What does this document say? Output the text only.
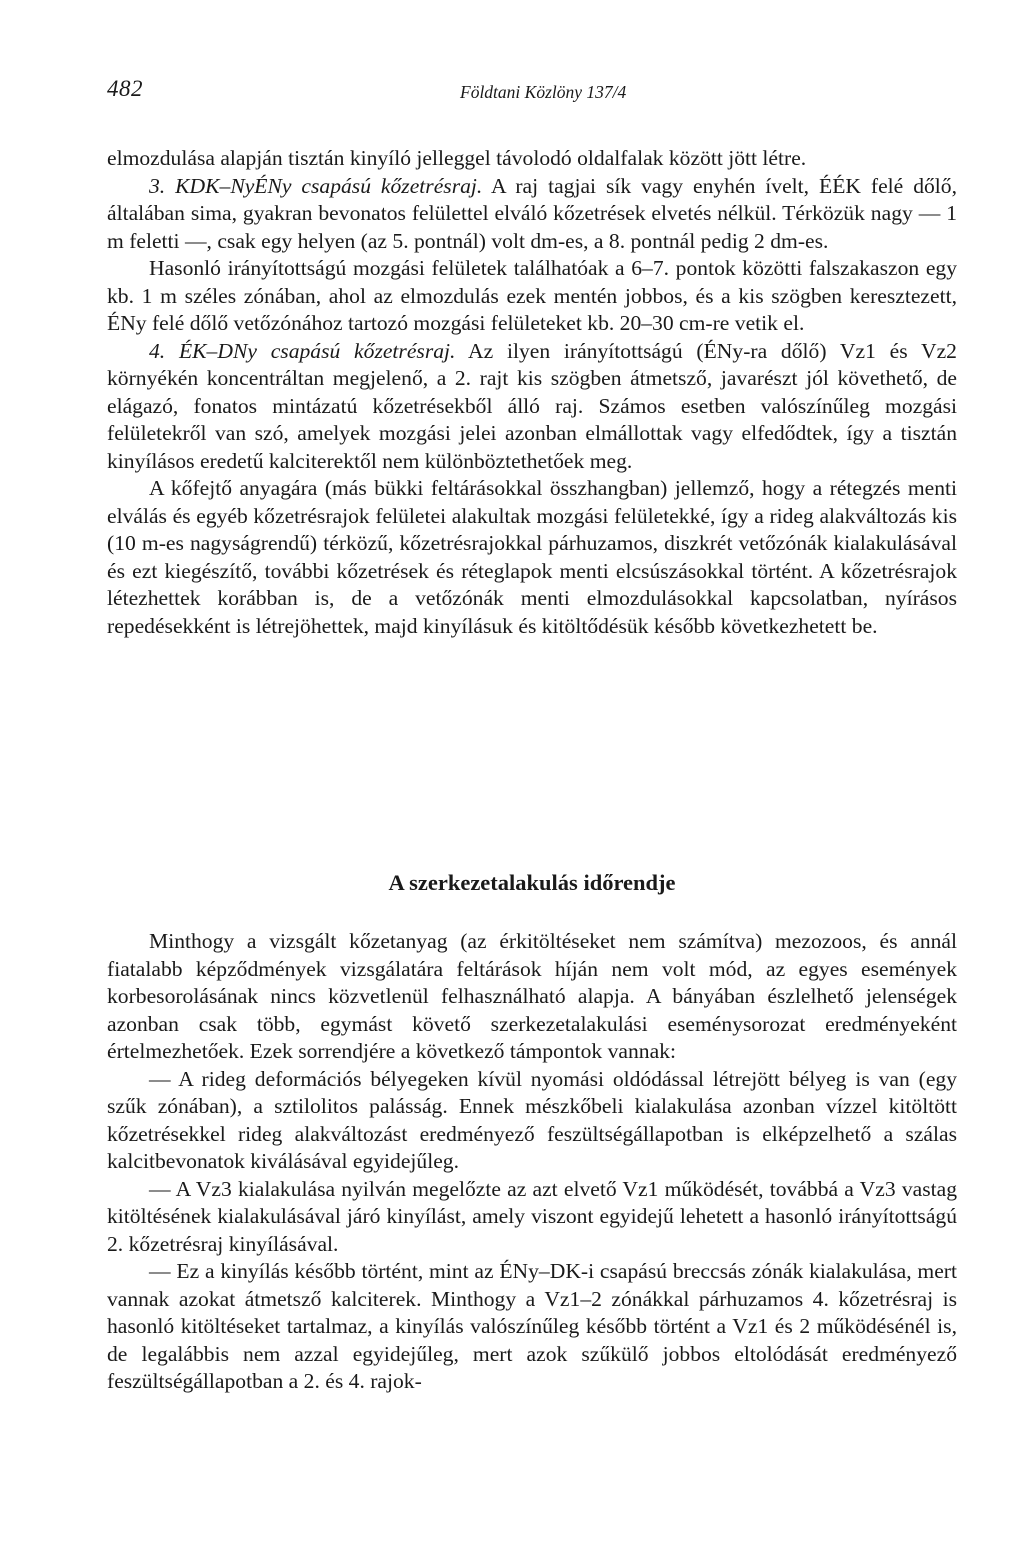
482	Földtani Közlöny 137/4

elmozdulása alapján tisztán kinyíló jelleggel távolodó oldalfalak között jött létre.

3. KDK–NyÉNy csapású kőzetrésraj. A raj tagjai sík vagy enyhén ívelt, ÉÉK felé dőlő, általában sima, gyakran bevonatos felülettel elváló kőzetrések elvetés nélkül. Térközük nagy — 1 m feletti —, csak egy helyen (az 5. pontnál) volt dm-es, a 8. pontnál pedig 2 dm-es.

Hasonló irányítottságú mozgási felületek találhatóak a 6–7. pontok közötti falszakaszon egy kb. 1 m széles zónában, ahol az elmozdulás ezek mentén jobbos, és a kis szögben keresztezett, ÉNy felé dőlő vetőzónához tartozó mozgási felületeket kb. 20–30 cm-re vetik el.

4. ÉK–DNy csapású kőzetrésraj. Az ilyen irányítottságú (ÉNy-ra dőlő) Vz1 és Vz2 környékén koncentráltan megjelenő, a 2. rajt kis szögben átmetsző, javarészt jól követhető, de elágazó, fonatos mintázatú kőzetrésekből álló raj. Számos esetben valószínűleg mozgási felületekről van szó, amelyek mozgási jelei azonban elmállottak vagy elfedődtek, így a tisztán kinyílásos eredetű kalciterektől nem különböztethetőek meg.

A kőfejtő anyagára (más bükki feltárásokkal összhangban) jellemző, hogy a rétegzés menti elválás és egyéb kőzetrésrajok felületei alakultak mozgási felületekké, így a rideg alakváltozás kis (10 m-es nagyságrendű) térközű, kőzetrésrajokkal párhuzamos, diszkrét vetőzónák kialakulásával és ezt kiegészítő, további kőzetrések és réteglapok menti elcsúszásokkal történt. A kőzetrésrajok létezhettek korábban is, de a vetőzónák menti elmozdulásokkal kapcsolatban, nyírásos repedésekként is létrejöhettek, majd kinyílásuk és kitöltődésük később következhetett be.

A szerkezetalakulás időrendje

Minthogy a vizsgált kőzetanyag (az érkitöltéseket nem számítva) mezozoos, és annál fiatalabb képződmények vizsgálatára feltárások híján nem volt mód, az egyes események korbesorolásának nincs közvetlenül felhasználható alapja. A bányában észlelhető jelenségek azonban csak több, egymást követő szerkezetalakulási eseménysorozat eredményeként értelmezhetőek. Ezek sorrendjére a következő támpontok vannak:

— A rideg deformációs bélyegeken kívül nyomási oldódással létrejött bélyeg is van (egy szűk zónában), a sztilolitos palásság. Ennek mészkőbeli kialakulása azonban vízzel kitöltött kőzetrésekkel rideg alakváltozást eredményező feszültségállapotban is elképzelhető a szálas kalcitbevonatok kiválásával egyidejűleg.

— A Vz3 kialakulása nyilván megelőzte az azt elvető Vz1 működését, továbbá a Vz3 vastag kitöltésének kialakulásával járó kinyílást, amely viszont egyidejű lehetett a hasonló irányítottságú 2. kőzetrésraj kinyílásával.

— Ez a kinyílás később történt, mint az ÉNy–DK-i csapású breccsás zónák kialakulása, mert vannak azokat átmetsző kalciterek. Minthogy a Vz1–2 zónákkal párhuzamos 4. kőzetrésraj is hasonló kitöltéseket tartalmaz, a kinyílás valószínűleg később történt a Vz1 és 2 működésénél is, de legalábbis nem azzal egyidejűleg, mert azok szűkülő jobbos eltolódását eredményező feszültségállapotban a 2. és 4. rajok-
